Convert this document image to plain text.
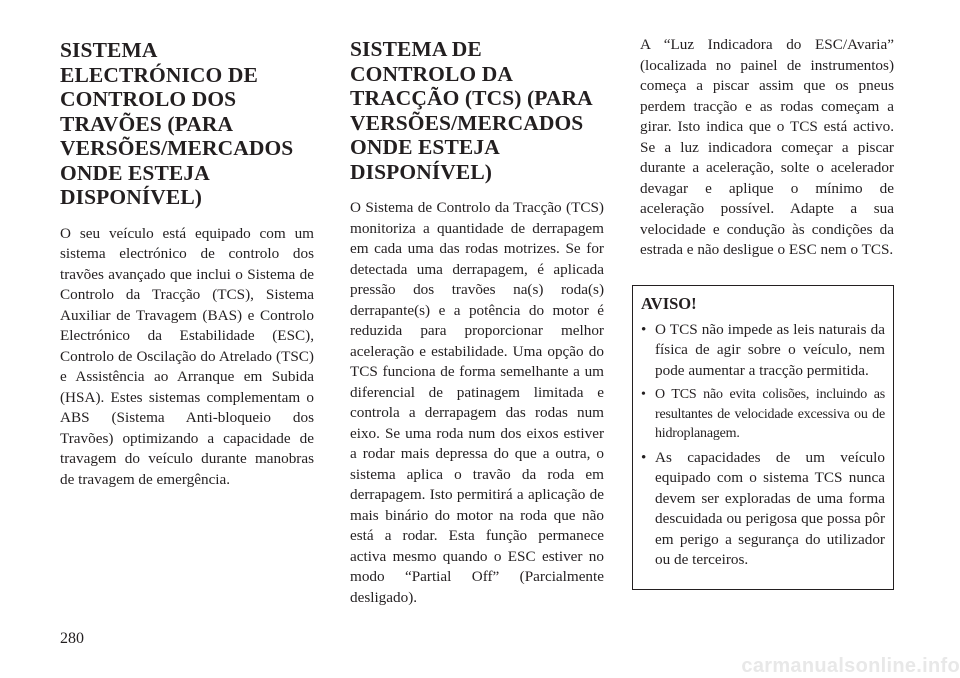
SISTEMA ELECTRÓNICO DE CONTROLO DOS TRAVÕES (PARA VERSÕES/MERCADOS ONDE ESTEJA DISPONÍVEL)

O seu veículo está equipado com um sistema electrónico de controlo dos travões avançado que inclui o Sistema de Controlo da Tracção (TCS), Sistema Auxiliar de Travagem (BAS) e Controlo Electrónico da Estabilidade (ESC), Controlo de Oscilação do Atrelado (TSC) e Assistência ao Arranque em Subida (HSA). Estes sistemas complementam o ABS (Sistema Anti-bloqueio dos Travões) optimizando a capacidade de travagem do veículo durante manobras de travagem de emergência.

SISTEMA DE CONTROLO DA TRACÇÃO (TCS) (PARA VERSÕES/MERCADOS ONDE ESTEJA DISPONÍVEL)

O Sistema de Controlo da Tracção (TCS) monitoriza a quantidade de derrapagem em cada uma das rodas motrizes. Se for detectada uma derrapagem, é aplicada pressão dos travões na(s) roda(s) derrapante(s) e a potência do motor é reduzida para proporcionar melhor aceleração e estabilidade. Uma opção do TCS funciona de forma semelhante a um diferencial de patinagem limitada e controla a derrapagem das rodas num eixo. Se uma roda num dos eixos estiver a rodar mais depressa do que a outra, o sistema aplica o travão da roda em derrapagem. Isto permitirá a aplicação de mais binário do motor na roda que não está a rodar. Esta função permanece activa mesmo quando o ESC estiver no modo “Partial Off” (Parcialmente desligado).

A “Luz Indicadora do ESC/Avaria” (localizada no painel de instrumentos) começa a piscar assim que os pneus perdem tracção e as rodas começam a girar. Isto indica que o TCS está activo. Se a luz indicadora começar a piscar durante a aceleração, solte o acelerador devagar e aplique o mínimo de aceleração possível. Adapte a sua velocidade e condução às condições da estrada e não desligue o ESC nem o TCS.

AVISO!
• O TCS não impede as leis naturais da física de agir sobre o veículo, nem pode aumentar a tracção permitida.
• O TCS não evita colisões, incluindo as resultantes de velocidade excessiva ou de hidroplanagem.
• As capacidades de um veículo equipado com o sistema TCS nunca devem ser exploradas de uma forma descuidada ou perigosa que possa pôr em perigo a segurança do utilizador ou de terceiros.
280
carmanualsonline.info
